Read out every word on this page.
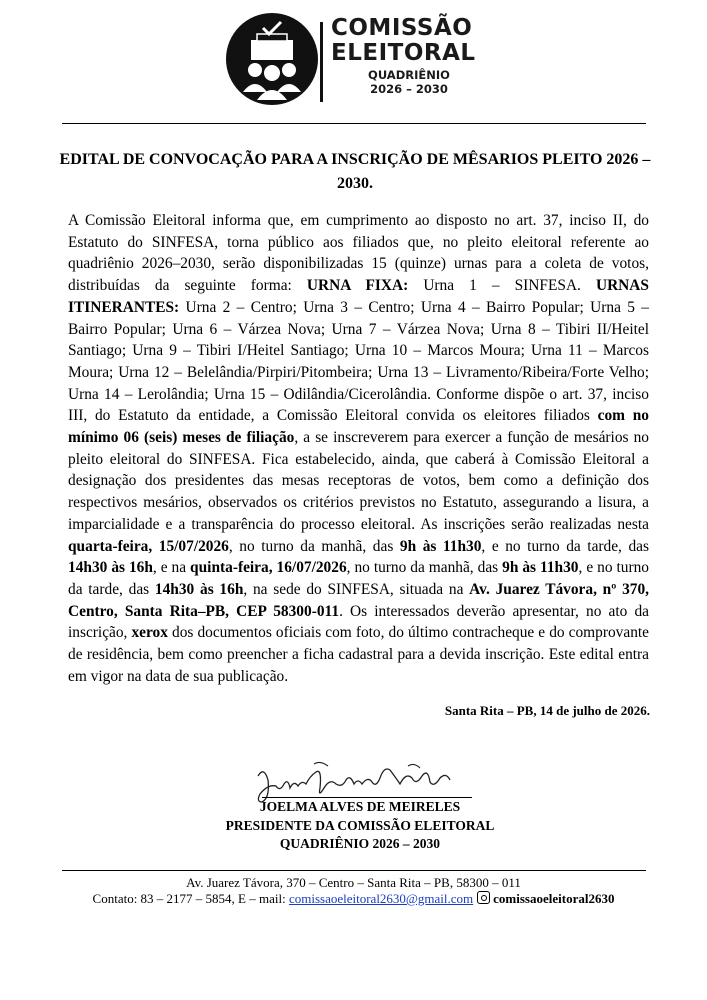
COMISSÃO
ELEITORAL
QUADRIÊNIO
2026 – 2030
EDITAL DE CONVOCAÇÃO PARA A INSCRIÇÃO DE MÊSARIOS PLEITO 2026 – 2030.
A Comissão Eleitoral informa que, em cumprimento ao disposto no art. 37, inciso II, do Estatuto do SINFESA, torna público aos filiados que, no pleito eleitoral referente ao quadriênio 2026–2030, serão disponibilizadas 15 (quinze) urnas para a coleta de votos, distribuídas da seguinte forma: URNA FIXA: Urna 1 – SINFESA. URNAS ITINERANTES: Urna 2 – Centro; Urna 3 – Centro; Urna 4 – Bairro Popular; Urna 5 – Bairro Popular; Urna 6 – Várzea Nova; Urna 7 – Várzea Nova; Urna 8 – Tibiri II/Heitel Santiago; Urna 9 – Tibiri I/Heitel Santiago; Urna 10 – Marcos Moura; Urna 11 – Marcos Moura; Urna 12 – Belelândia/Pirpiri/Pitombeira; Urna 13 – Livramento/Ribeira/Forte Velho; Urna 14 – Lerolândia; Urna 15 – Odilândia/Cicerolândia. Conforme dispõe o art. 37, inciso III, do Estatuto da entidade, a Comissão Eleitoral convida os eleitores filiados com no mínimo 06 (seis) meses de filiação, a se inscreverem para exercer a função de mesários no pleito eleitoral do SINFESA. Fica estabelecido, ainda, que caberá à Comissão Eleitoral a designação dos presidentes das mesas receptoras de votos, bem como a definição dos respectivos mesários, observados os critérios previstos no Estatuto, assegurando a lisura, a imparcialidade e a transparência do processo eleitoral. As inscrições serão realizadas nesta quarta-feira, 15/07/2026, no turno da manhã, das 9h às 11h30, e no turno da tarde, das 14h30 às 16h, e na quinta-feira, 16/07/2026, no turno da manhã, das 9h às 11h30, e no turno da tarde, das 14h30 às 16h, na sede do SINFESA, situada na Av. Juarez Távora, nº 370, Centro, Santa Rita–PB, CEP 58300-011. Os interessados deverão apresentar, no ato da inscrição, xerox dos documentos oficiais com foto, do último contracheque e do comprovante de residência, bem como preencher a ficha cadastral para a devida inscrição. Este edital entra em vigor na data de sua publicação.
Santa Rita – PB, 14 de julho de 2026.
JOELMA ALVES DE MEIRELES
PRESIDENTE DA COMISSÃO ELEITORAL
QUADRIÊNIO 2026 – 2030
Av. Juarez Távora, 370 – Centro – Santa Rita – PB, 58300 – 011
Contato: 83 – 2177 – 5854, E – mail: comissaoeleitoral2630@gmail.com comissaoeleitoral2630
